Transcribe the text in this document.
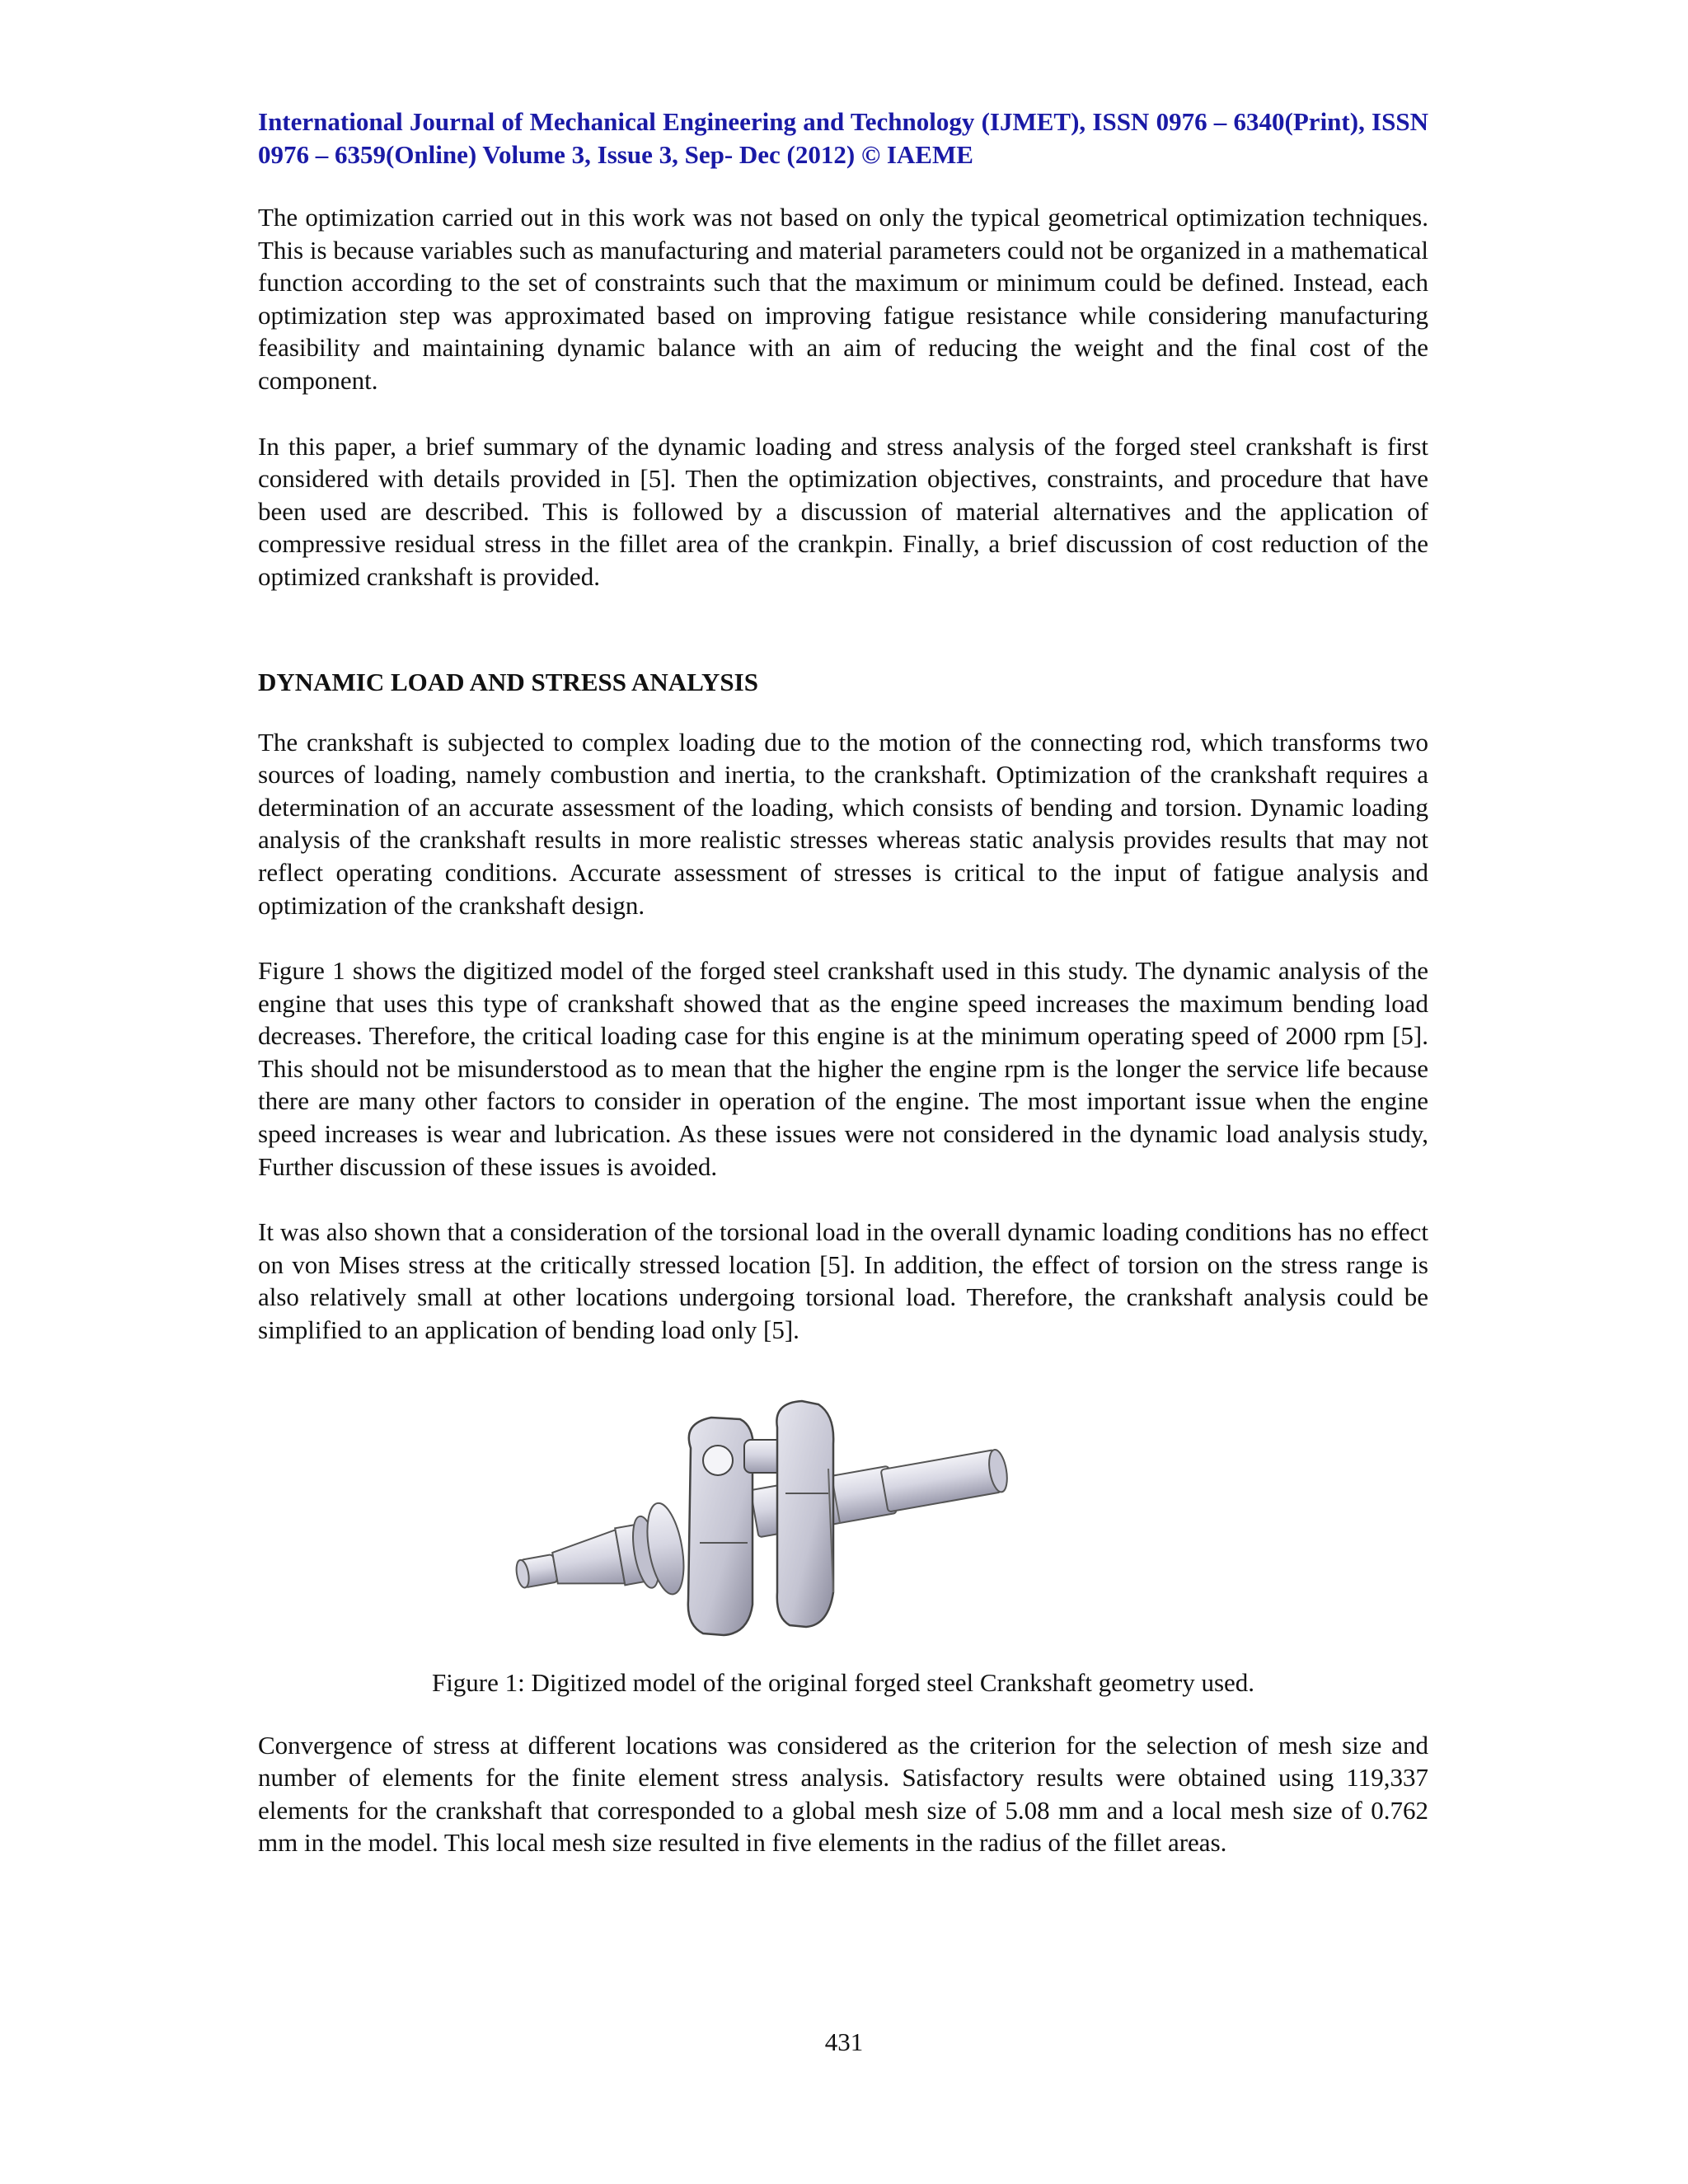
International Journal of Mechanical Engineering and Technology (IJMET), ISSN 0976 – 6340(Print), ISSN 0976 – 6359(Online) Volume 3, Issue 3, Sep- Dec (2012) © IAEME

The optimization carried out in this work was not based on only the typical geometrical optimization techniques. This is because variables such as manufacturing and material parameters could not be organized in a mathematical function according to the set of constraints such that the maximum or minimum could be defined. Instead, each optimization step was approximated based on improving fatigue resistance while considering manufacturing feasibility and maintaining dynamic balance with an aim of reducing the weight and the final cost of the component.

In this paper, a brief summary of the dynamic loading and stress analysis of the forged steel crankshaft is first considered with details provided in [5]. Then the optimization objectives, constraints, and procedure that have been used are described. This is followed by a discussion of material alternatives and the application of compressive residual stress in the fillet area of the crankpin. Finally, a brief discussion of cost reduction of the optimized crankshaft is provided.

DYNAMIC LOAD AND STRESS ANALYSIS

The crankshaft is subjected to complex loading due to the motion of the connecting rod, which transforms two sources of loading, namely combustion and inertia, to the crankshaft. Optimization of the crankshaft requires a determination of an accurate assessment of the loading, which consists of bending and torsion. Dynamic loading analysis of the crankshaft results in more realistic stresses whereas static analysis provides results that may not reflect operating conditions. Accurate assessment of stresses is critical to the input of fatigue analysis and optimization of the crankshaft design.

Figure 1 shows the digitized model of the forged steel crankshaft used in this study. The dynamic analysis of the engine that uses this type of crankshaft showed that as the engine speed increases the maximum bending load decreases. Therefore, the critical loading case for this engine is at the minimum operating speed of 2000 rpm [5]. This should not be misunderstood as to mean that the higher the engine rpm is the longer the service life because there are many other factors to consider in operation of the engine. The most important issue when the engine speed increases is wear and lubrication. As these issues were not considered in the dynamic load analysis study, Further discussion of these issues is avoided.

It was also shown that a consideration of the torsional load in the overall dynamic loading conditions has no effect on von Mises stress at the critically stressed location [5]. In addition, the effect of torsion on the stress range is also relatively small at other locations undergoing torsional load. Therefore, the crankshaft analysis could be simplified to an application of bending load only [5].

Figure 1: Digitized model of the original forged steel Crankshaft geometry used.

Convergence of stress at different locations was considered as the criterion for the selection of mesh size and number of elements for the finite element stress analysis. Satisfactory results were obtained using 119,337 elements for the crankshaft that corresponded to a global mesh size of 5.08 mm and a local mesh size of 0.762 mm in the model. This local mesh size resulted in five elements in the radius of the fillet areas.

431
